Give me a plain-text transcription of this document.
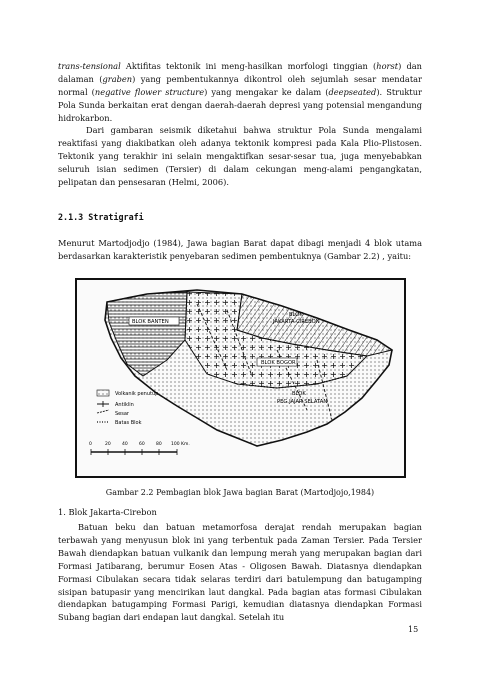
trans-tensional Aktifitas tektonik ini meng-hasilkan morfologi tinggian (horst) dan dalaman (graben) yang pembentukannya dikontrol oleh sejumlah sesar mendatar normal (negative flower structure) yang mengakar ke dalam (deepseated). Struktur Pola Sunda berkaitan erat dengan daerah-daerah depresi yang potensial mengandung hidrokarbon.

Dari gambaran seismik diketahui bahwa struktur Pola Sunda mengalami reaktifasi yang diakibatkan oleh adanya tektonik kompresi pada Kala Plio-Plistosen. Tektonik yang terakhir ini selain mengaktifkan sesar-sesar tua, juga menyebabkan seluruh isian sedimen (Tersier) di dalam cekungan meng-alami pengangkatan, pelipatan dan pensesaran (Helmi, 2006).

2.1.3 Stratigrafi

Menurut Martodjodjo (1984), Jawa bagian Barat dapat dibagi menjadi 4 blok utama berdasarkan karakteristik penyebaran sedimen pembentuknya (Gambar 2.2) , yaitu:

BLOK
JAKARTA-CIREBON
BLOK BANTEN
BLOK BOGOR
BLOK
PEG.JAJAR SELATAN
Volkanik penutup
Antiklin
Sesar
Batas Blok
0	20	40	60	80 100 Km.

Gambar 2.2 Pembagian blok Jawa bagian Barat (Martodjojo,1984)

1. Blok Jakarta-Cirebon

Batuan beku dan batuan metamorfosa derajat rendah merupakan bagian terbawah yang menyusun blok ini yang terbentuk pada Zaman Tersier. Pada Tersier Bawah diendapkan batuan vulkanik dan lempung merah yang merupakan bagian dari Formasi Jatibarang, berumur Eosen Atas - Oligosen Bawah. Diatasnya diendapkan Formasi Cibulakan secara tidak selaras terdiri dari batulempung dan batugamping sisipan batupasir yang mencirikan laut dangkal. Pada bagian atas formasi Cibulakan diendapkan batugamping Formasi Parigi, kemudian diatasnya diendapkan Formasi Subang bagian dari endapan laut dangkal. Setelah itu

15
